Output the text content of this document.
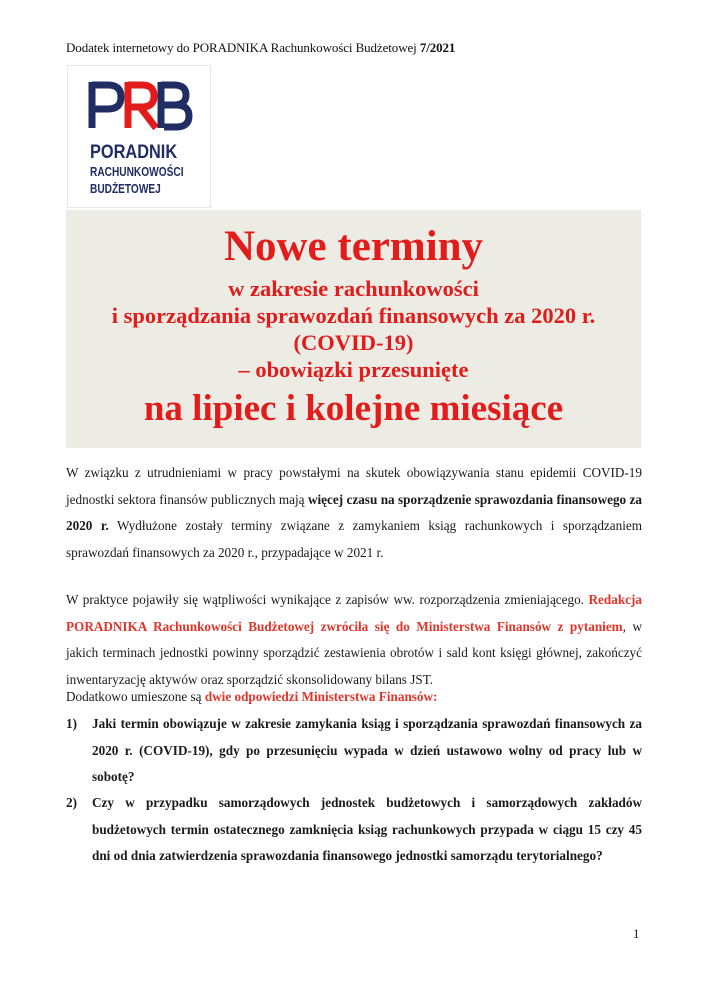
Dodatek internetowy do PORADNIKA Rachunkowości Budżetowej 7/2021
PORADNIK
RACHUNKOWOŚCI
BUDŻETOWEJ
Nowe terminy
w zakresie rachunkowości
i sporządzania sprawozdań finansowych za 2020 r.
(COVID-19)
– obowiązki przesunięte
na lipiec i kolejne miesiące
W związku z utrudnieniami w pracy powstałymi na skutek obowiązywania stanu epidemii COVID-19 jednostki sektora finansów publicznych mają więcej czasu na sporządzenie sprawozdania finansowego za 2020 r. Wydłużone zostały terminy związane z zamykaniem ksiąg rachunkowych i sporządzaniem sprawozdań finansowych za 2020 r., przypadające w 2021 r.
W praktyce pojawiły się wątpliwości wynikające z zapisów ww. rozporządzenia zmieniającego. Redakcja PORADNIKA Rachunkowości Budżetowej zwróciła się do Ministerstwa Finansów z pytaniem, w jakich terminach jednostki powinny sporządzić zestawienia obrotów i sald kont księgi głównej, zakończyć inwentaryzację aktywów oraz sporządzić skonsolidowany bilans JST.
Dodatkowo umieszone są dwie odpowiedzi Ministerstwa Finansów:
1) Jaki termin obowiązuje w zakresie zamykania ksiąg i sporządzania sprawozdań finansowych za 2020 r. (COVID-19), gdy po przesunięciu wypada w dzień ustawowo wolny od pracy lub w sobotę?
2) Czy w przypadku samorządowych jednostek budżetowych i samorządowych zakładów budżetowych termin ostatecznego zamknięcia ksiąg rachunkowych przypada w ciągu 15 czy 45 dni od dnia zatwierdzenia sprawozdania finansowego jednostki samorządu terytorialnego?
1
